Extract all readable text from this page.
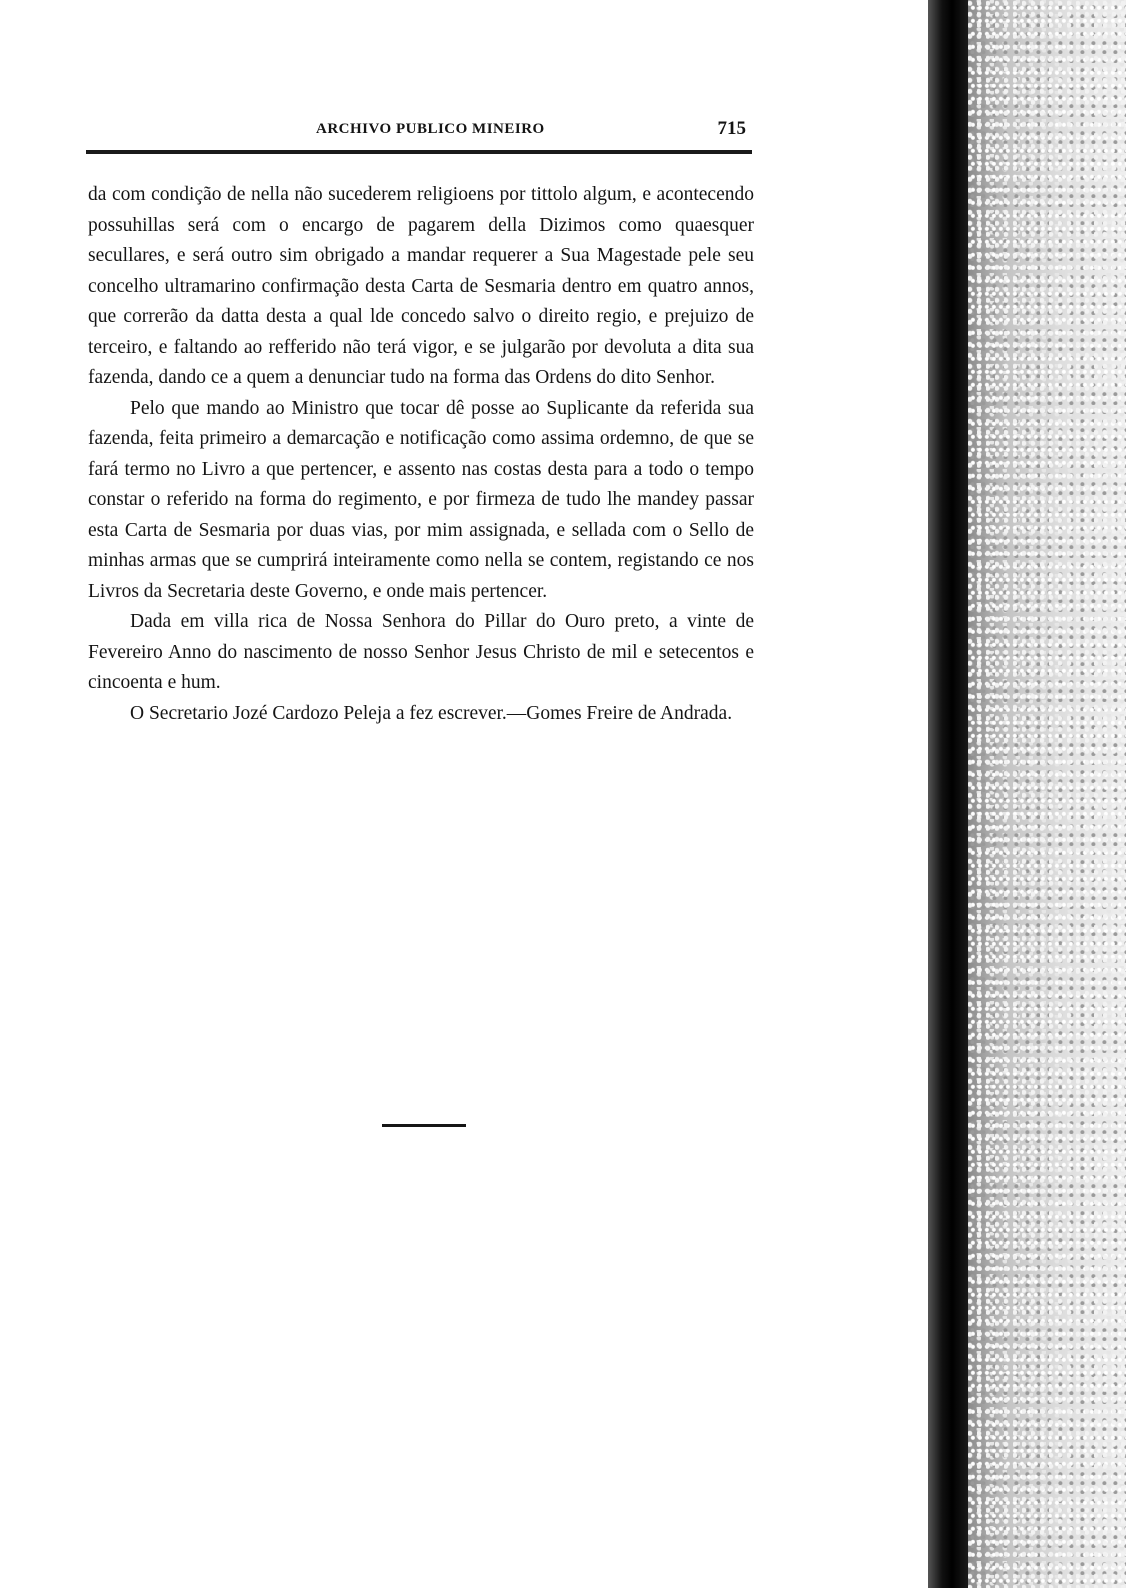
ARCHIVO PUBLICO MINEIRO	715

da com condição de nella não sucederem religioens por tittolo algum, e acontecendo possuhillas será com o encargo de pagarem della Dizimos como quaesquer secullares, e será outro sim obrigado a mandar requerer a Sua Magestade pele seu concelho ultramarino confirmação desta Carta de Sesmaria dentro em quatro annos, que correrão da datta desta a qual lde concedo salvo o direito regio, e prejuizo de terceiro, e faltando ao refferido não terá vigor, e se julgarão por devoluta a dita sua fazenda, dando ce a quem a denunciar tudo na forma das Ordens do dito Senhor.

Pelo que mando ao Ministro que tocar dê posse ao Suplicante da referida sua fazenda, feita primeiro a demarcação e notificação como assima ordemno, de que se fará termo no Livro a que pertencer, e assento nas costas desta para a todo o tempo constar o referido na forma do regimento, e por firmeza de tudo lhe mandey passar esta Carta de Sesmaria por duas vias, por mim assignada, e sellada com o Sello de minhas armas que se cumprirá inteiramente como nella se contem, registando ce nos Livros da Secretaria deste Governo, e onde mais pertencer.

Dada em villa rica de Nossa Senhora do Pillar do Ouro preto, a vinte de Fevereiro Anno do nascimento de nosso Senhor Jesus Christo de mil e setecentos e cincoenta e hum.

O Secretario Jozé Cardozo Peleja a fez escrever.—Gomes Freire de Andrada.
